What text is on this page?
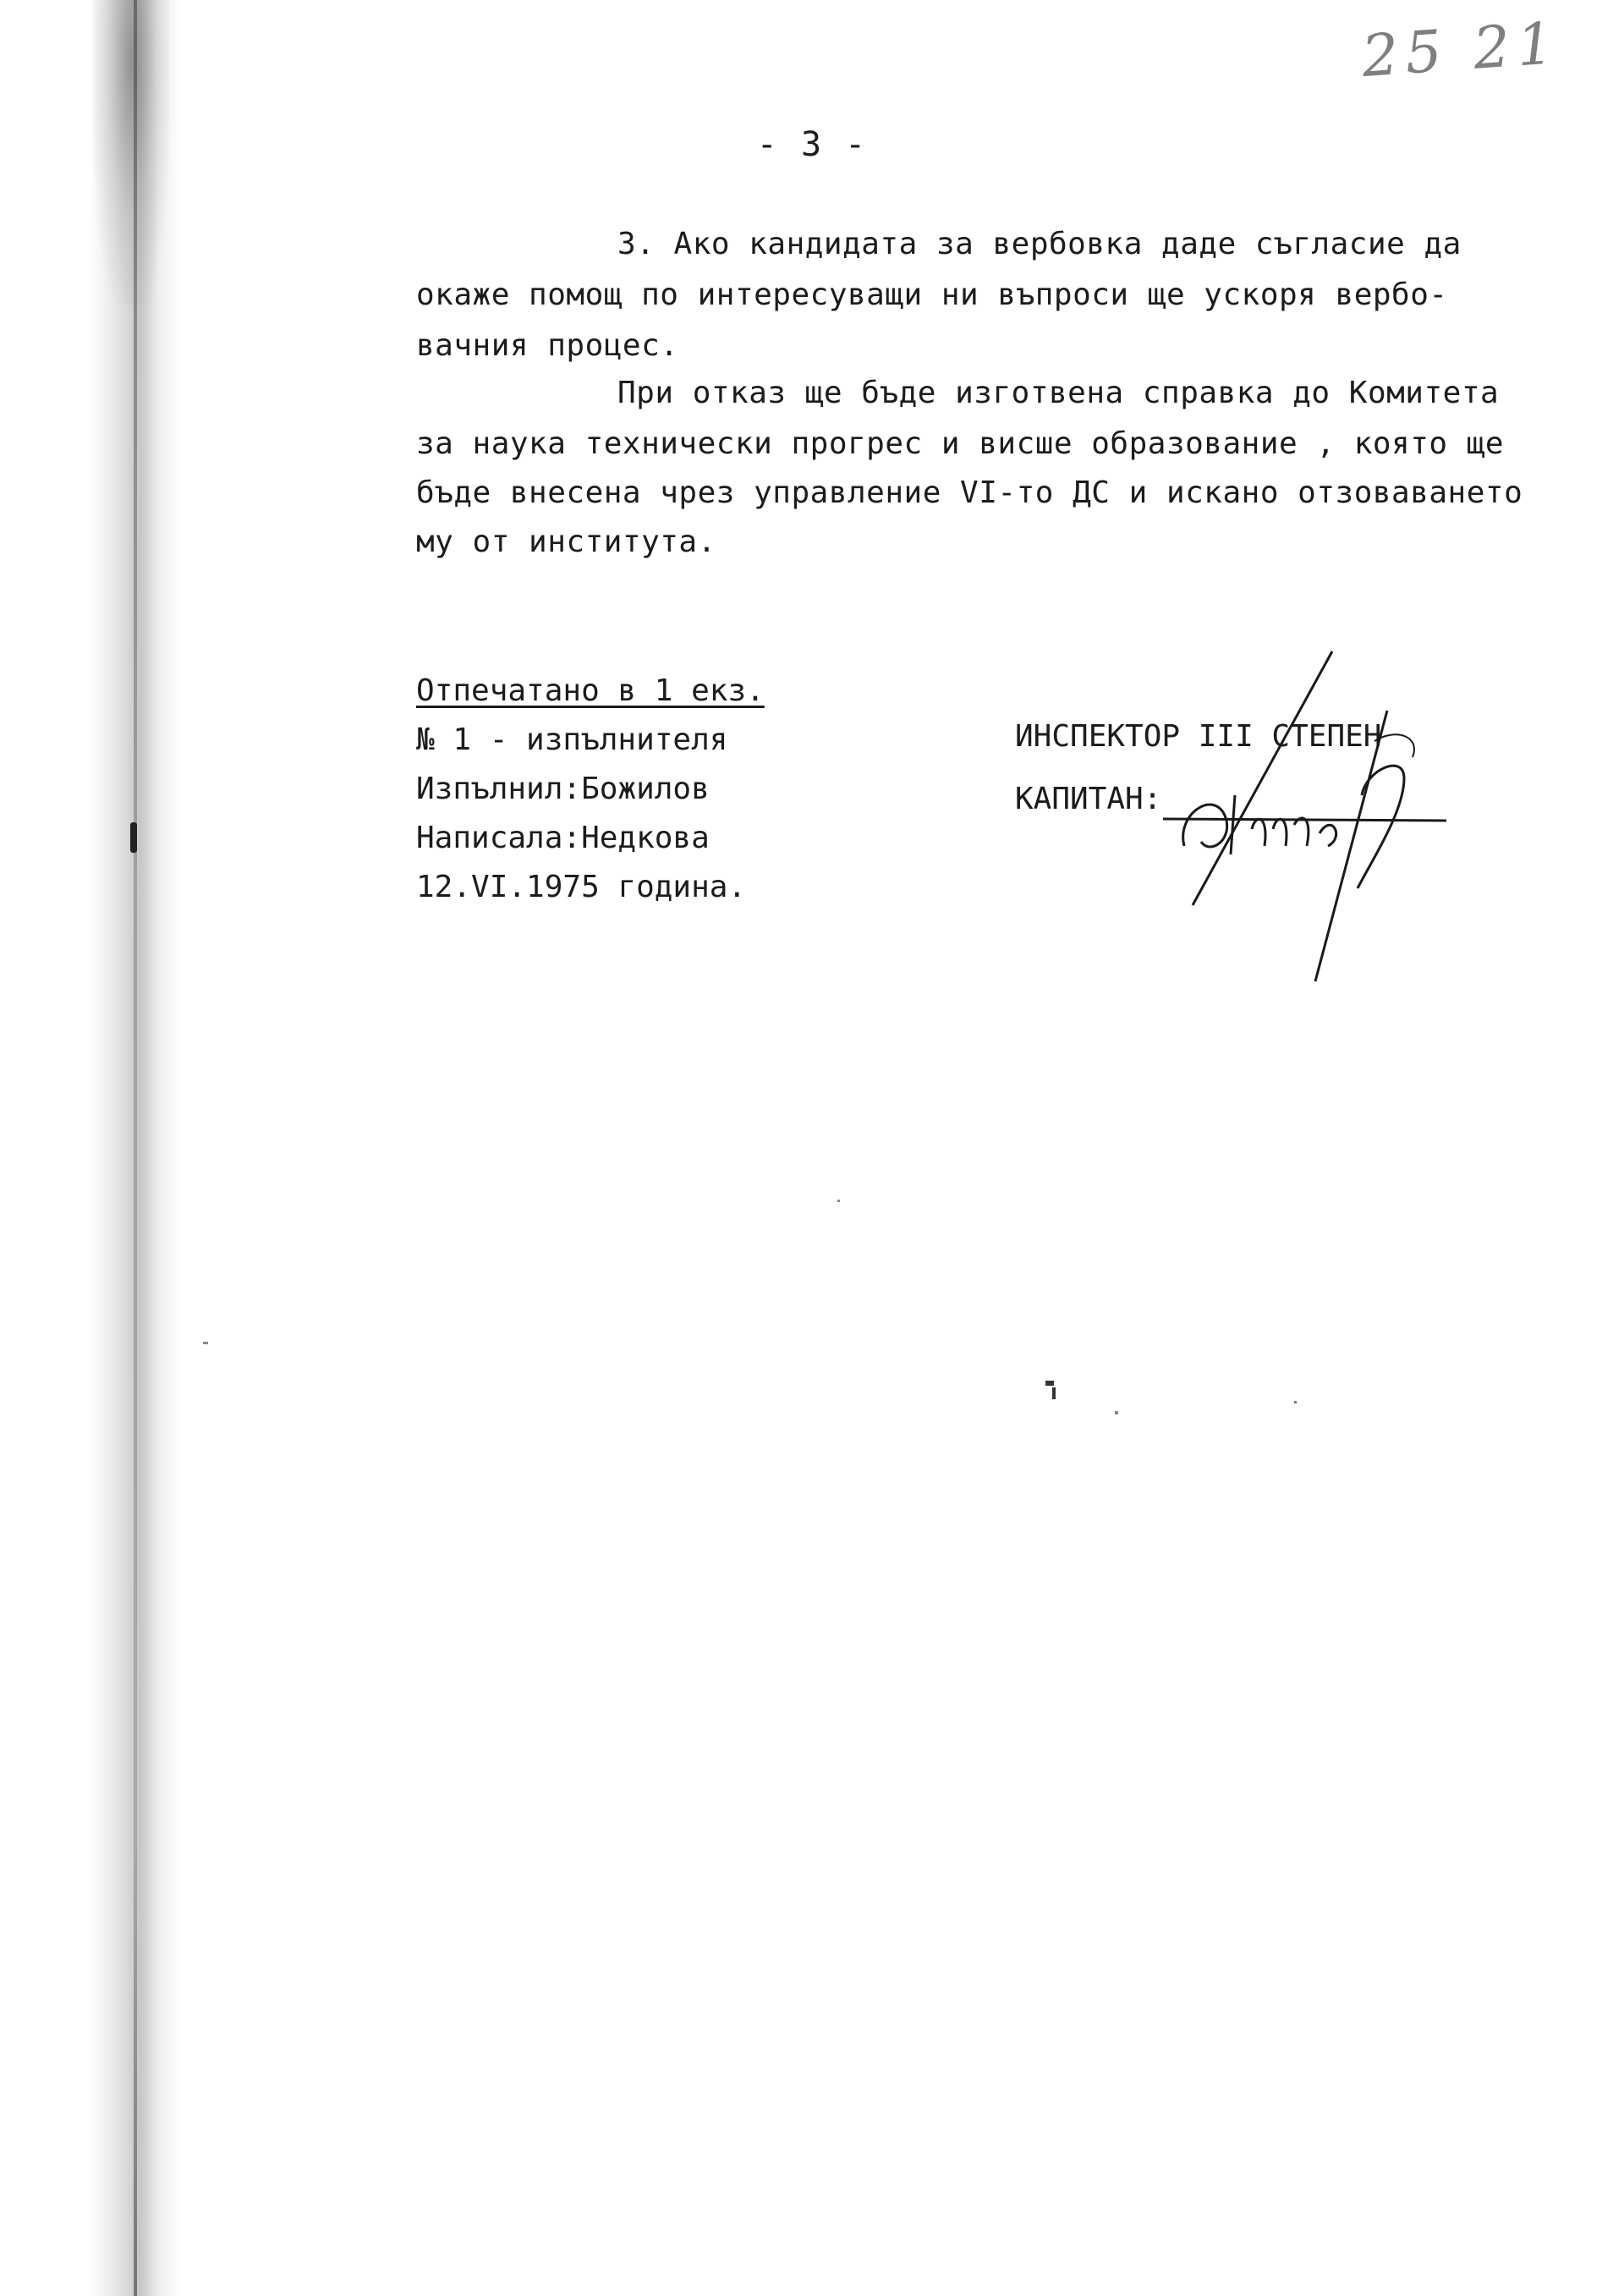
25 21
- 3 -
3. Ако кандидата за вербовка даде съгласие да
окаже помощ по интересуващи ни въпроси ще ускоря вербо-
вачния процес.
При отказ ще бъде изготвена справка до Комитета
за наука технически прогрес и висше образование , която ще
бъде внесена чрез управление VI-то ДС и искано отзоваването
му от института.
Отпечатано в 1 екз.
№ 1 - изпълнителя
Изпълнил:Божилов
Написала:Недкова
12.VI.1975 година.
ИНСПЕКТОР III СТЕПЕН
КАПИТАН:
